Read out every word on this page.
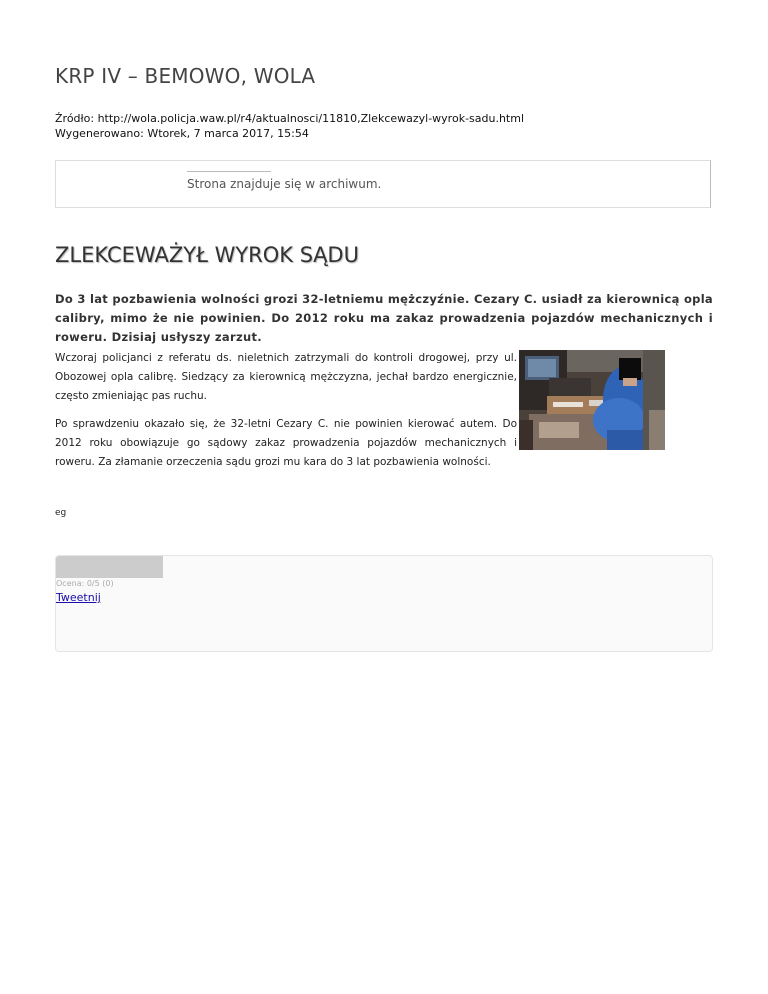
KRP IV – BEMOWO, WOLA
Źródło: http://wola.policja.waw.pl/r4/aktualnosci/11810,Zlekcewazyl-wyrok-sadu.html
Wygenerowano: Wtorek, 7 marca 2017, 15:54
Strona znajduje się w archiwum.
ZLEKCEWAŻYŁ WYROK SĄDU

Do 3 lat pozbawienia wolności grozi 32-letniemu mężczyźnie. Cezary C. usiadł za kierownicą opla calibry, mimo że nie powinien. Do 2012 roku ma zakaz prowadzenia pojazdów mechanicznych i roweru. Dzisiaj usłyszy zarzut.

Wczoraj policjanci z referatu ds. nieletnich zatrzymali do kontroli drogowej, przy ul. Obozowej opla calibrę. Siedzący za kierownicą mężczyzna, jechał bardzo energicznie, często zmieniając pas ruchu.

Po sprawdzeniu okazało się, że 32-letni Cezary C. nie powinien kierować autem. Do 2012 roku obowiązuje go sądowy zakaz prowadzenia pojazdów mechanicznych i roweru. Za złamanie orzeczenia sądu grozi mu kara do 3 lat pozbawienia wolności.

eg
Ocena: 0/5 (0)
Tweetnij
